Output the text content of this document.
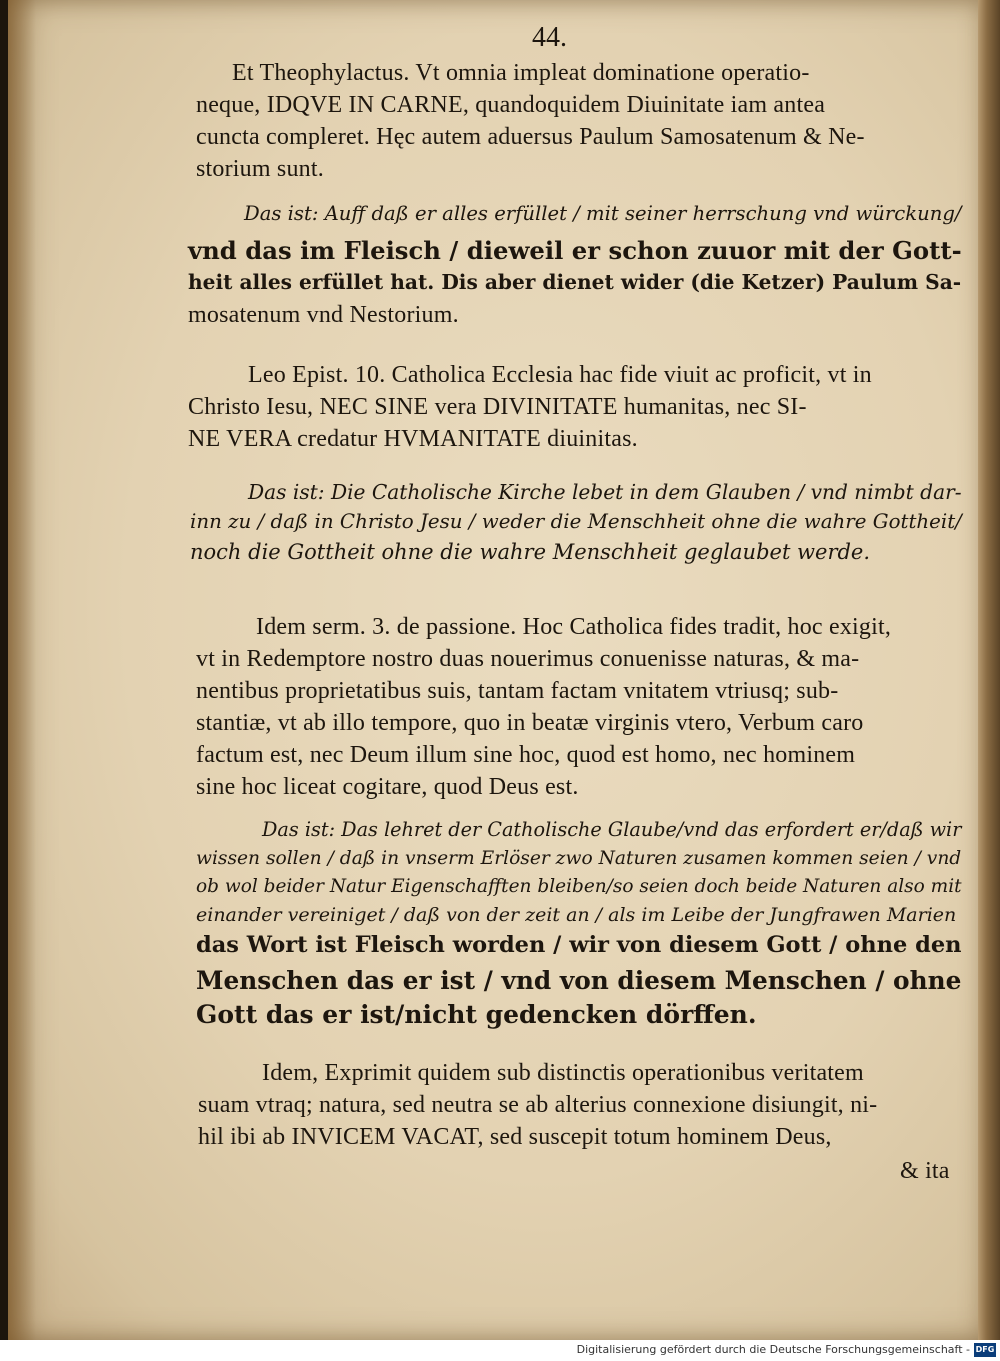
44.
Et Theophylactus. Vt omnia impleat dominatione operatio-
neque, IDQVE IN CARNE, quandoquidem Diuinitate iam antea
cuncta compleret. Hęc autem aduersus Paulum Samosatenum & Ne-
storium sunt.
Das ist: Auff daß er alles erfüllet / mit seiner herrschung vnd würckung/
vnd das im Fleisch / dieweil er schon zuuor mit der Gott-
heit alles erfüllet hat. Dis aber dienet wider (die Ketzer) Paulum Sa-
mosatenum vnd Nestorium.
Leo Epist. 10. Catholica Ecclesia hac fide viuit ac proficit, vt in
Christo Iesu, NEC SINE vera DIVINITATE humanitas, nec SI-
NE VERA credatur HVMANITATE diuinitas.
Das ist: Die Catholische Kirche lebet in dem Glauben / vnd nimbt dar-
inn zu / daß in Christo Jesu / weder die Menschheit ohne die wahre Gottheit/
noch die Gottheit ohne die wahre Menschheit geglaubet werde.
Idem serm. 3. de passione. Hoc Catholica fides tradit, hoc exigit,
vt in Redemptore nostro duas nouerimus conuenisse naturas, & ma-
nentibus proprietatibus suis, tantam factam vnitatem vtriusq; sub-
stantiæ, vt ab illo tempore, quo in beatæ virginis vtero, Verbum caro
factum est, nec Deum illum sine hoc, quod est homo, nec hominem
sine hoc liceat cogitare, quod Deus est.
Das ist: Das lehret der Catholische Glaube/vnd das erfordert er/daß wir
wissen sollen / daß in vnserm Erlöser zwo Naturen zusamen kommen seien / vnd
ob wol beider Natur Eigenschafften bleiben/so seien doch beide Naturen also mit
einander vereiniget / daß von der zeit an / als im Leibe der Jungfrawen Marien
das Wort ist Fleisch worden / wir von diesem Gott / ohne den
Menschen das er ist / vnd von diesem Menschen / ohne
Gott das er ist/nicht gedencken dörffen.
Idem, Exprimit quidem sub distinctis operationibus veritatem
suam vtraq; natura, sed neutra se ab alterius connexione disiungit, ni-
hil ibi ab INVICEM VACAT, sed suscepit totum hominem Deus,
& ita
Digitalisierung gefördert durch die Deutsche Forschungsgemeinschaft - DFG
